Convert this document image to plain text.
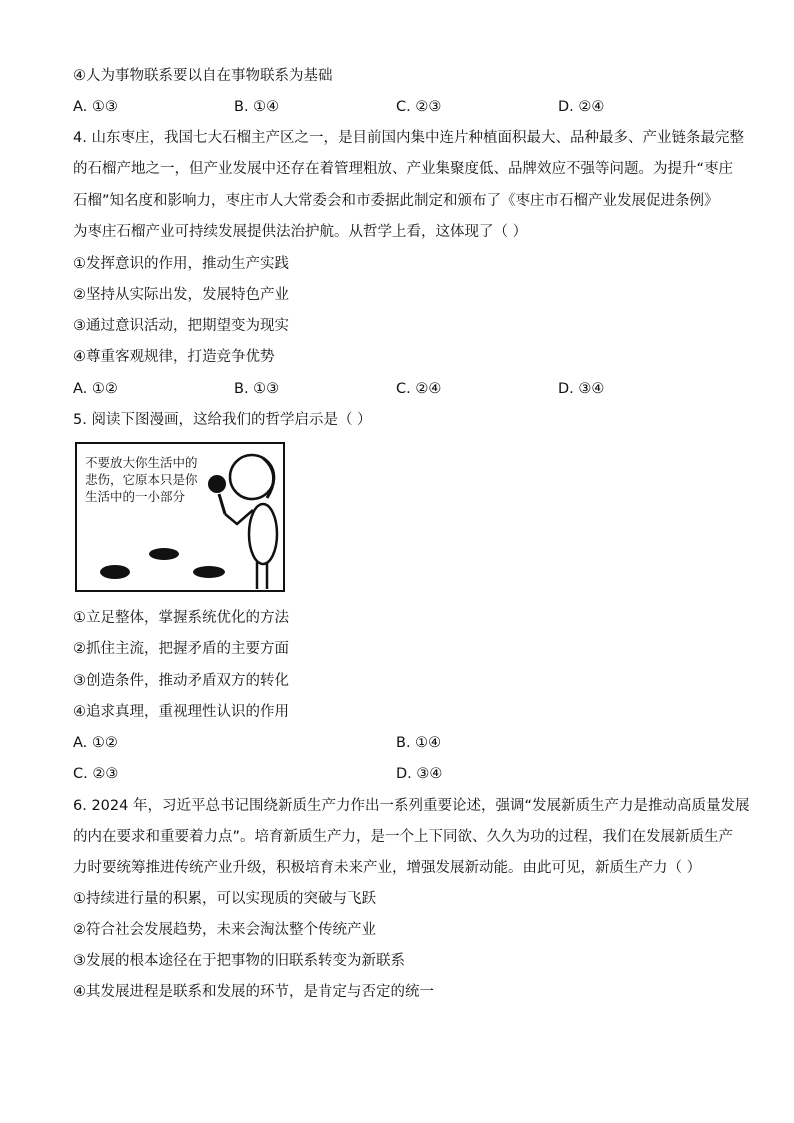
④人为事物联系要以自在事物联系为基础
A. ①③	B. ①④	C. ②③	D. ②④
4. 山东枣庄，我国七大石榴主产区之一，是目前国内集中连片种植面积最大、品种最多、产业链条最完整
的石榴产地之一，但产业发展中还存在着管理粗放、产业集聚度低、品牌效应不强等问题。为提升“枣庄
石榴”知名度和影响力，枣庄市人大常委会和市委据此制定和颁布了《枣庄市石榴产业发展促进条例》
为枣庄石榴产业可持续发展提供法治护航。从哲学上看，这体现了（ ）
①发挥意识的作用，推动生产实践
②坚持从实际出发，发展特色产业
③通过意识活动，把期望变为现实
④尊重客观规律，打造竞争优势
A. ①②	B. ①③	C. ②④	D. ③④
5. 阅读下图漫画，这给我们的哲学启示是（ ）
不要放大你生活中的
悲伤，它原本只是你
生活中的一小部分
①立足整体，掌握系统优化的方法
②抓住主流，把握矛盾的主要方面
③创造条件，推动矛盾双方的转化
④追求真理，重视理性认识的作用
A. ①②	B. ①④
C. ②③	D. ③④
6. 2024 年，习近平总书记围绕新质生产力作出一系列重要论述，强调“发展新质生产力是推动高质量发展
的内在要求和重要着力点”。培育新质生产力，是一个上下同欲、久久为功的过程，我们在发展新质生产
力时要统筹推进传统产业升级，积极培育未来产业，增强发展新动能。由此可见，新质生产力（ ）
①持续进行量的积累，可以实现质的突破与飞跃
②符合社会发展趋势，未来会淘汰整个传统产业
③发展的根本途径在于把事物的旧联系转变为新联系
④其发展进程是联系和发展的环节，是肯定与否定的统一
